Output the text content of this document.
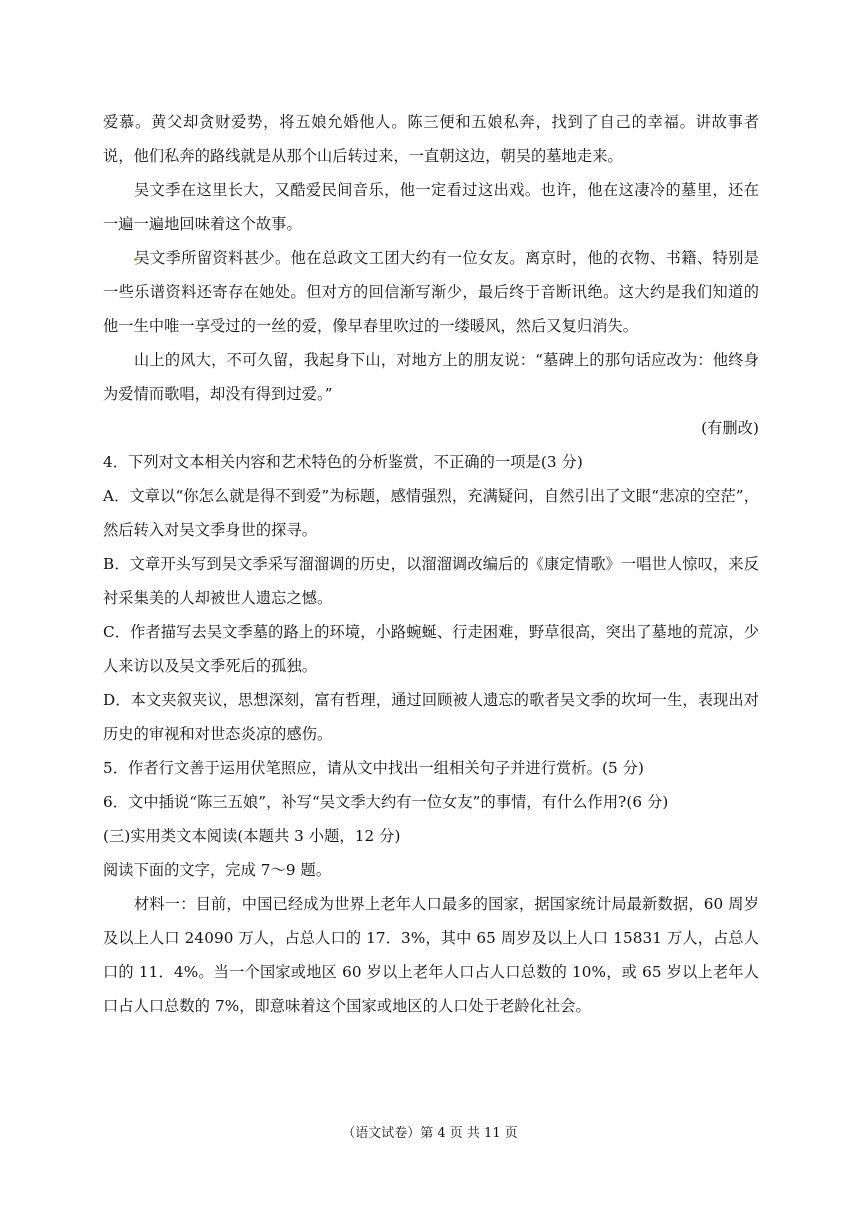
爱慕。黄父却贪财爱势，将五娘允婚他人。陈三便和五娘私奔，找到了自己的幸福。讲故事者说，他们私奔的路线就是从那个山后转过来，一直朝这边，朝吴的墓地走来。

吴文季在这里长大，又酷爱民间音乐，他一定看过这出戏。也许，他在这凄冷的墓里，还在一遍一遍地回味着这个故事。

吴文季所留资料甚少。他在总政文工团大约有一位女友。离京时，他的衣物、书籍、特别是一些乐谱资料还寄存在她处。但对方的回信渐写渐少，最后终于音断讯绝。这大约是我们知道的他一生中唯一享受过的一丝的爱，像早春里吹过的一缕暖风，然后又复归消失。

山上的风大，不可久留，我起身下山，对地方上的朋友说：“墓碑上的那句话应改为：他终身为爱情而歌唱，却没有得到过爱。”

(有删改)

4．下列对文本相关内容和艺术特色的分析鉴赏，不正确的一项是(3 分)

A．文章以“你怎么就是得不到爱”为标题，感情强烈，充满疑问，自然引出了文眼“悲凉的空茫”，然后转入对吴文季身世的探寻。

B．文章开头写到吴文季采写溜溜调的历史，以溜溜调改编后的《康定情歌》一唱世人惊叹，来反衬采集美的人却被世人遗忘之憾。

C．作者描写去吴文季墓的路上的环境，小路蜿蜒、行走困难，野草很高，突出了墓地的荒凉，少人来访以及吴文季死后的孤独。

D．本文夹叙夹议，思想深刻，富有哲理，通过回顾被人遗忘的歌者吴文季的坎坷一生，表现出对历史的审视和对世态炎凉的感伤。

5．作者行文善于运用伏笔照应，请从文中找出一组相关句子并进行赏析。(5 分)

6．文中插说“陈三五娘”，补写“吴文季大约有一位女友”的事情，有什么作用?(6 分)

(三)实用类文本阅读(本题共 3 小题，12 分)

阅读下面的文字，完成 7～9 题。

材料一：目前，中国已经成为世界上老年人口最多的国家，据国家统计局最新数据，60 周岁及以上人口 24090 万人，占总人口的 17．3%，其中 65 周岁及以上人口 15831 万人，占总人口的 11．4%。当一个国家或地区 60 岁以上老年人口占人口总数的 10%，或 65 岁以上老年人口占人口总数的 7%，即意味着这个国家或地区的人口处于老龄化社会。

（语文试卷）第 4 页 共 11 页
